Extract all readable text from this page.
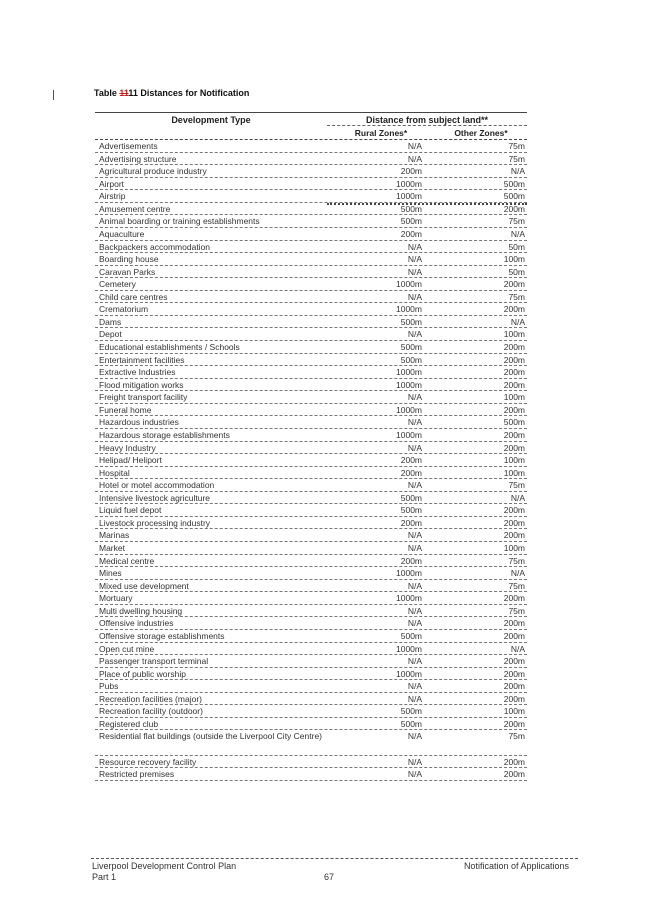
Table 1111 Distances for Notification
Development Type	Distance from subject land**
Rural Zones*	Other Zones*
Advertisements	N/A	75m
Advertising structure	N/A	75m
Agricultural produce industry	200m	N/A
Airport	1000m	500m
Airstrip	1000m	500m
Amusement centre	500m	200m
Animal boarding or training establishments	500m	75m
Aquaculture	200m	N/A
Backpackers accommodation	N/A	50m
Boarding house	N/A	100m
Caravan Parks	N/A	50m
Cemetery	1000m	200m
Child care centres	N/A	75m
Crematorium	1000m	200m
Dams	500m	N/A
Depot	N/A	100m
Educational establishments / Schools	500m	200m
Entertainment facilities	500m	200m
Extractive Industries	1000m	200m
Flood mitigation works	1000m	200m
Freight transport facility	N/A	100m
Funeral home	1000m	200m
Hazardous industries	N/A	500m
Hazardous storage establishments	1000m	200m
Heavy Industry	N/A	200m
Helipad/ Heliport	200m	100m
Hospital	200m	100m
Hotel or motel accommodation	N/A	75m
Intensive livestock agriculture	500m	N/A
Liquid fuel depot	500m	200m
Livestock processing industry	200m	200m
Marinas	N/A	200m
Market	N/A	100m
Medical centre	200m	75m
Mines	1000m	N/A
Mixed use development	N/A	75m
Mortuary	1000m	200m
Multi dwelling housing	N/A	75m
Offensive industries	N/A	200m
Offensive storage establishments	500m	200m
Open cut mine	1000m	N/A
Passenger transport terminal	N/A	200m
Place of public worship	1000m	200m
Pubs	N/A	200m
Recreation facilities (major)	N/A	200m
Recreation facility (outdoor)	500m	100m
Registered club	500m	200m
Residential flat buildings (outside the Liverpool City Centre)	N/A	75m
Resource recovery facility	N/A	200m
Restricted premises	N/A	200m
Liverpool Development Control Plan
Part 1	67
Notification of Applications
